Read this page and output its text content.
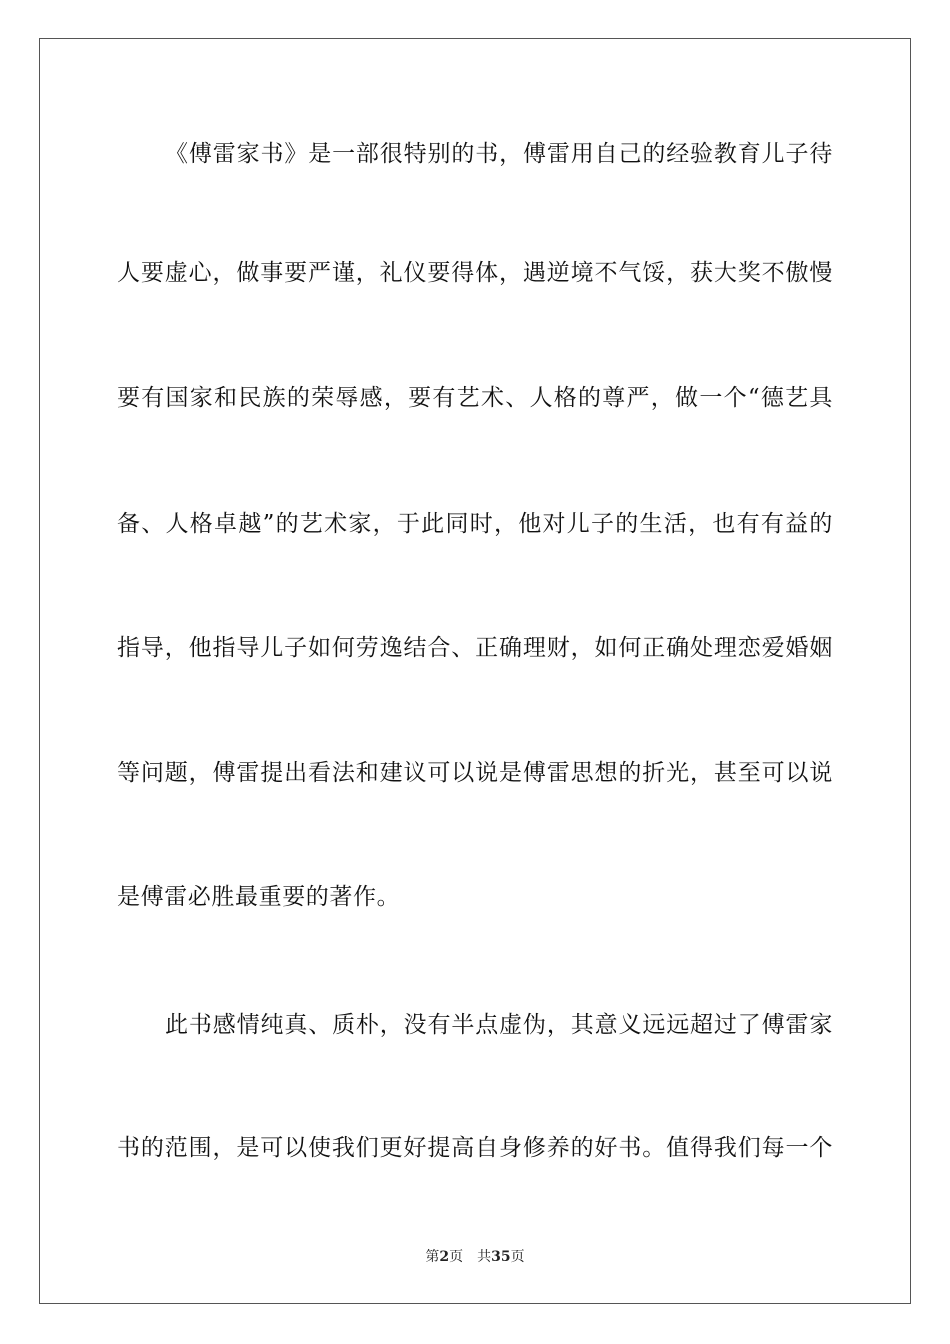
《傅雷家书》是一部很特别的书，傅雷用自己的经验教育儿子待
人要虚心，做事要严谨，礼仪要得体，遇逆境不气馁，获大奖不傲慢
要有国家和民族的荣辱感，要有艺术、人格的尊严，做一个“德艺具
备、人格卓越”的艺术家，于此同时，他对儿子的生活，也有有益的
指导，他指导儿子如何劳逸结合、正确理财，如何正确处理恋爱婚姻
等问题，傅雷提出看法和建议可以说是傅雷思想的折光，甚至可以说
是傅雷必胜最重要的著作。
此书感情纯真、质朴，没有半点虚伪，其意义远远超过了傅雷家
书的范围，是可以使我们更好提高自身修养的好书。值得我们每一个
第2页 共35页
